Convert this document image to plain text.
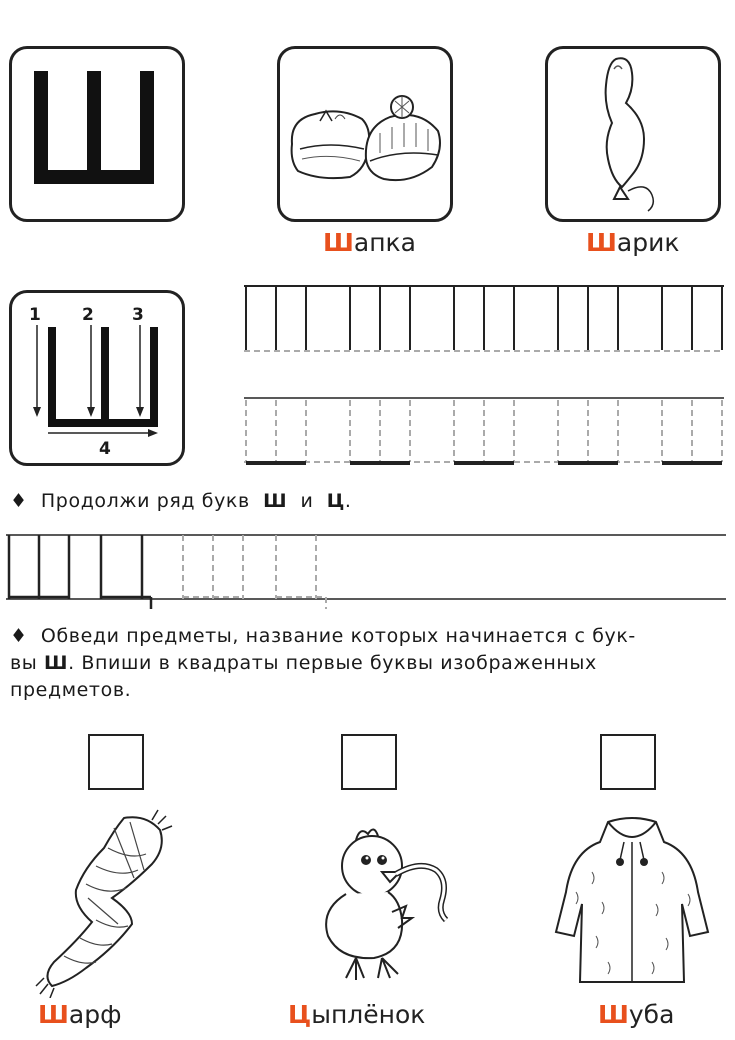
Шапка	Шарик
1 2 3
4
♦ Продолжи ряд букв Ш и Ц.
♦ Обведи предметы, название которых начинается с бук-
вы Ш. Впиши в квадраты первые буквы изображенных
предметов.
Шарф	Цыплёнок	Шуба
